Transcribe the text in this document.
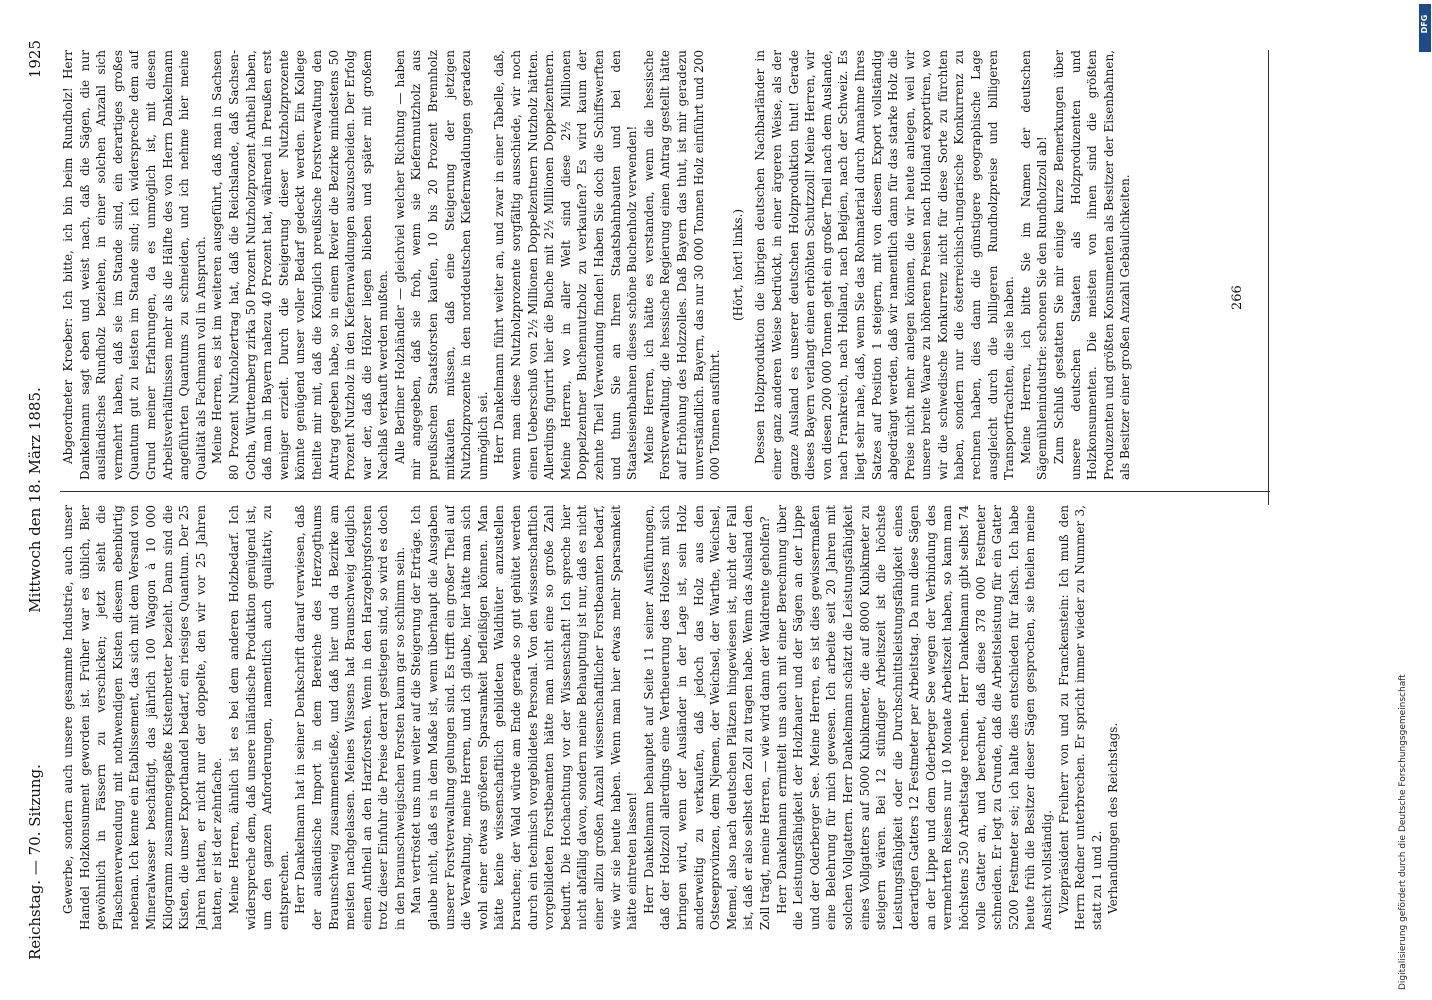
Reichstag. — 70. Sitzung.
Mittwoch den 18. März 1885.
1925

Gewerbe, sondern auch unsere gesammte Industrie, auch unser Handel Holzkonsument geworden ist. Früher war es üblich, Bier gewöhnlich in Fässern zu verschicken; jetzt sieht die Flaschenverwendung mit nothwendigen Kisten diesem ebenbürtig nebenan. Ich kenne ein Etablissement, das sich mit dem Versand von Mineralwasser beschäftigt, das jährlich 100 Waggon à 10 000 Kilogramm zusammengepaßte Kistenbretter bezieht. Dann sind die Kisten, die unser Exporthandel bedarf, ein riesiges Quantum. Der 25 Jahren hatten, er nicht nur der doppelte, den wir vor 25 Jahren hatten, er ist der zehnfache. Meine Herren, ähnlich ist es bei dem anderen Holzbedarf. Ich widerspreche dem, daß unsere inländische Produktion genügend ist, um den ganzen Anforderungen, namentlich auch qualitativ, zu entsprechen. Herr Dankelmann hat in seiner Denkschrift darauf verwiesen, daß der ausländische Import in dem Bereiche des Herzogthums Braunschweig zusammenstieße, und daß hier und da Bezirke am meisten nachgelassen. Meines Wissens hat Braunschweig lediglich einen Antheil an den Harzforsten. Wenn in den Harzgebirgsforsten trotz dieser Einfuhr die Preise derart gestiegen sind, so wird es doch in den braunschweigischen Forsten kaum gar so schlimm sein. Man vertröstet uns nun weiter auf die Steigerung der Erträge. Ich glaube nicht, daß es in dem Maße ist, wenn überhaupt die Ausgaben unserer Forstverwaltung gelungen sind. Es trifft ein großer Theil auf die Verwaltung, meine Herren, und ich glaube, hier hätte man sich wohl einer etwas größeren Sparsamkeit befleißigen können. Man hätte keine wissenschaftlich gebildeten Waldhüter anzustellen brauchen; der Wald würde am Ende gerade so gut gehütet werden durch ein technisch vorgebildetes Personal. Von den wissenschaftlich vorgebildeten Forstbeamten hätte man nicht eine so große Zahl bedurft. Die Hochachtung vor der Wissenschaft! Ich spreche hier nicht abfällig davon, sondern meine Behauptung ist nur, daß es nicht einer allzu großen Anzahl wissenschaftlicher Forstbeamten bedarf, wie wir sie heute haben. Wenn man hier etwas mehr Sparsamkeit hätte eintreten lassen! Herr Dankelmann behauptet auf Seite 11 seiner Ausführungen, daß der Holzzoll allerdings eine Vertheuerung des Holzes mit sich bringen wird, wenn der Ausländer in der Lage ist, sein Holz anderweitig zu verkaufen, daß jedoch das Holz aus den Ostseeprovinzen, dem Njemen, der Weichsel, der Warthe, Weichsel, Memel, also nach deutschen Plätzen hingewiesen ist, nicht der Fall ist, daß er also selbst den Zoll zu tragen habe. Wenn das Ausland den Zoll trägt, meine Herren, — wie wird dann der Waldrente geholfen? Herr Dankelmann ermittelt uns auch mit einer Berechnung über die Leistungsfähigkeit der Holzhauer und der Sägen an der Lippe und der Oderberger See. Meine Herren, es ist dies gewissermaßen eine Belehrung für mich gewesen. Ich arbeite seit 20 Jahren mit solchen Vollgattern. Herr Dankelmann schätzt die Leistungsfähigkeit eines Vollgatters auf 5000 Kubikmeter, die auf 8000 Kubikmeter zu steigern wären. Bei 12 stündiger Arbeitszeit ist die höchste Leistungsfähigkeit oder die Durchschnittsleistungsfähigkeit eines derartigen Gatters 12 Festmeter per Arbeitstag. Da nun diese Sägen an der Lippe und dem Oderberger See wegen der Verbindung des vermehrten Reisens nur 10 Monate Arbeitszeit haben, so kann man höchstens 250 Arbeitstage rechnen. Herr Dankelmann gibt selbst 74 volle Gatter an, und berechnet, daß diese 378 000 Festmeter schneiden. Er legt zu Grunde, daß die Arbeitsleistung für ein Gatter 5200 Festmeter sei; ich halte dies entschieden für falsch. Ich habe heute früh die Besitzer dieser Sägen gesprochen, sie theilen meine Ansicht vollständig. Vizepräsident Freiherr von und zu Franckenstein: Ich muß den Herrn Redner unterbrechen. Er spricht immer wieder zu Nummer 3, statt zu 1 und 2. Verhandlungen des Reichstags.

Abgeordneter Kroeber: Ich bitte, ich bin beim Rundholz! Herr Dankelmann sagt eben und weist nach, daß die Sägen, die nur ausländisches Rundholz beziehen, in einer solchen Anzahl sich vermehrt haben, daß sie im Stande sind, ein derartiges großes Quantum gut zu leisten im Stande sind; ich widerspreche dem auf Grund meiner Erfahrungen, da es unmöglich ist, mit diesen Arbeitsverhältnissen mehr als die Hälfte des von Herrn Dankelmann angeführten Quantums zu schneiden, und ich nehme hier meine Qualität als Fachmann voll in Anspruch. Meine Herren, es ist im weiteren ausgeführt, daß man in Sachsen 80 Prozent Nutzholzertrag hat, daß die Reichslande, daß Sachsen-Gotha, Württemberg zirka 50 Prozent Nutzholzprozent Antheil haben, daß man in Bayern nahezu 40 Prozent hat, während in Preußen erst weniger erzielt. Durch die Steigerung dieser Nutzholzprozente könnte genügend unser voller Bedarf gedeckt werden. Ein Kollege theilte mir mit, daß die Königlich preußische Forstverwaltung den Antrag gegeben habe, so in einem Revier die Bezirke mindestens 50 Prozent Nutzholz in den Kiefernwaldungen auszuscheiden. Der Erfolg war der, daß die Hölzer liegen blieben und später mit großem Nachlaß verkauft werden mußten. Alle Berliner Holzhändler — gleichviel welcher Richtung — haben mir angegeben, daß sie froh, wenn sie Kiefernnutzholz aus preußischen Staatsforsten kaufen, 10 bis 20 Prozent Brennholz mitkaufen müssen, daß eine Steigerung der jetzigen Nutzholzprozente in den norddeutschen Kiefernwaldungen geradezu unmöglich sei. Herr Dankelmann führt weiter an, und zwar in einer Tabelle, daß, wenn man diese Nutzholzprozente sorgfältig ausschiede, wir noch einen Ueberschuß von 2½ Millionen Doppelzentnern Nutzholz hätten. Allerdings figurirt hier die Buche mit 2½ Millionen Doppelzentnern. Meine Herren, wo in aller Welt sind diese 2½ Millionen Doppelzentner Buchennutzholz zu verkaufen? Es wird kaum der zehnte Theil Verwendung finden! Haben Sie doch die Schiffswerften und thun Sie an Ihren Staatsbahnbauten und bei den Staatseisenbahnen dieses schöne Buchenholz verwenden! Meine Herren, ich hätte es verstanden, wenn die hessische Forstverwaltung, die hessische Regierung einen Antrag gestellt hätte auf Erhöhung des Holzzolles. Daß Bayern das thut, ist mir geradezu unverständlich. Bayern, das nur 30 000 Tonnen Holz einführt und 200 000 Tonnen ausführt.

(Hört, hört! links.) Dessen Holzproduktion die übrigen deutschen Nachbarländer in einer ganz anderen Weise bedrückt, in einer ärgeren Weise, als der ganze Ausland es unserer deutschen Holzproduktion thut! Gerade dieses Bayern verlangt einen erhöhten Schutzzoll! Meine Herren, wir von diesen 200 000 Tonnen geht ein großer Theil nach dem Auslande, nach Frankreich, nach Holland, nach Belgien, nach der Schweiz. Es liegt sehr nahe, daß, wenn Sie das Rohmaterial durch Annahme Ihres Satzes auf Position 1 steigern, mit von diesem Export vollständig abgedrängt werden, daß wir namentlich dann für das starke Holz die Preise nicht mehr anlegen können, die wir heute anlegen, weil wir unsere breite Waare zu höheren Preisen nach Holland exportiren, wo wir die schwedische Konkurrenz nicht für diese Sorte zu fürchten haben, sondern nur die österreichisch-ungarische Konkurrenz zu rechnen haben, dies dann die günstigere geographische Lage ausgleicht durch die billigeren Rundholzpreise und billigeren Transportfrachten, die sie haben. Meine Herren, ich bitte Sie im Namen der deutschen Sägemühlenindustrie: schonen Sie den Rundholzzoll ab! Zum Schluß gestatten Sie mir einige kurze Bemerkungen über unsere deutschen Staaten als Holzproduzenten und Holzkonsumenten. Die meisten von ihnen sind die größten Produzenten und größten Konsumenten als Besitzer der Eisenbahnen, als Besitzer einer großen Anzahl Gebäulichkeiten.	266
Digitalisierung gefördert durch die Deutsche Forschungsgemeinschaft
DFG
